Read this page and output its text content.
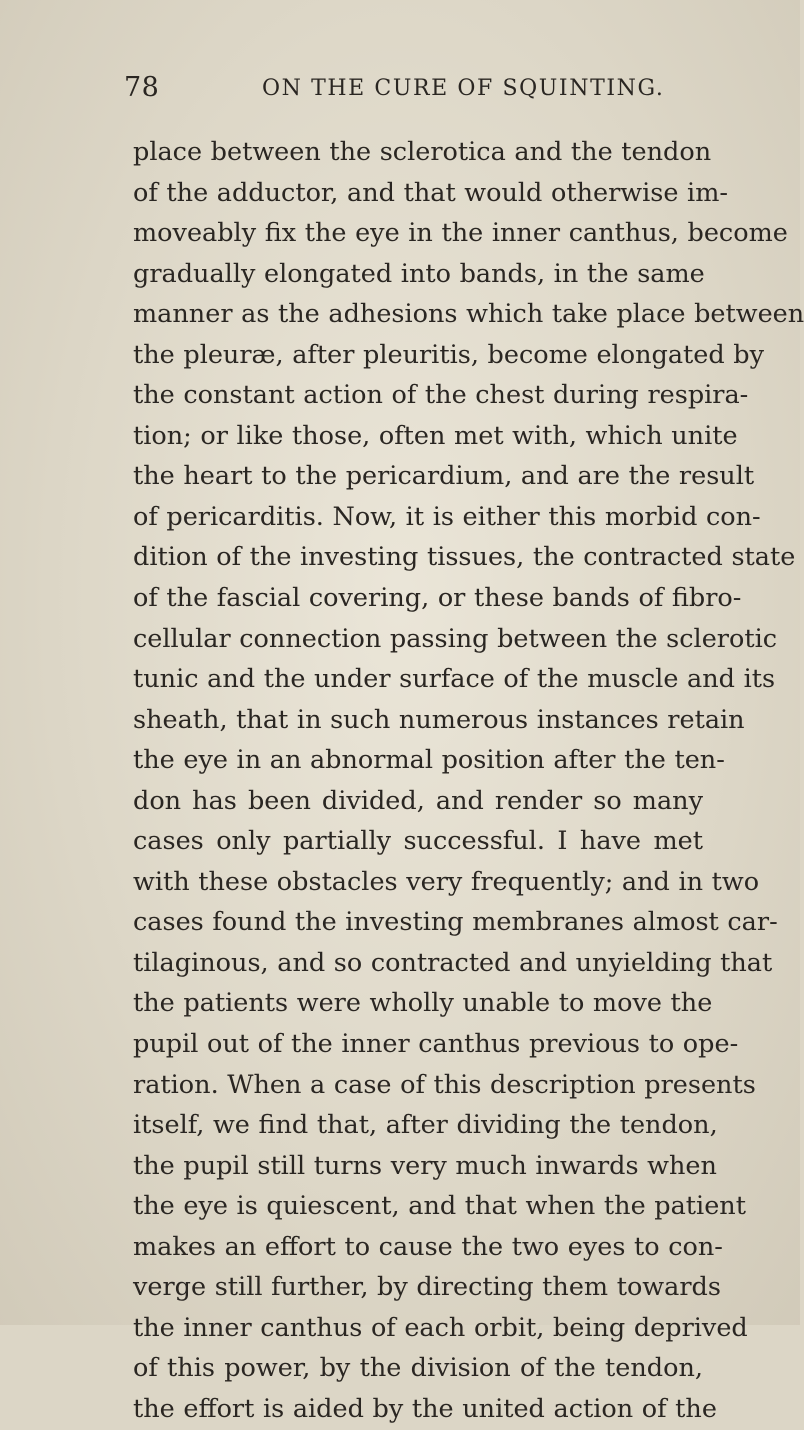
78	ON THE CURE OF SQUINTING.
place between the sclerotica and the tendon
of the adductor, and that would otherwise im-
moveably fix the eye in the inner canthus, become
gradually elongated into bands, in the same
manner as the adhesions which take place between
the pleuræ, after pleuritis, become elongated by
the constant action of the chest during respira-
tion; or like those, often met with, which unite
the heart to the pericardium, and are the result
of pericarditis. Now, it is either this morbid con-
dition of the investing tissues, the contracted state
of the fascial covering, or these bands of fibro-
cellular connection passing between the sclerotic
tunic and the under surface of the muscle and its
sheath, that in such numerous instances retain
the eye in an abnormal position after the ten-
don has been divided, and render so many
cases only partially successful. I have met
with these obstacles very frequently; and in two
cases found the investing membranes almost car-
tilaginous, and so contracted and unyielding that
the patients were wholly unable to move the
pupil out of the inner canthus previous to ope-
ration. When a case of this description presents
itself, we find that, after dividing the tendon,
the pupil still turns very much inwards when
the eye is quiescent, and that when the patient
makes an effort to cause the two eyes to con-
verge still further, by directing them towards
the inner canthus of each orbit, being deprived
of this power, by the division of the tendon,
the effort is aided by the united action of the
